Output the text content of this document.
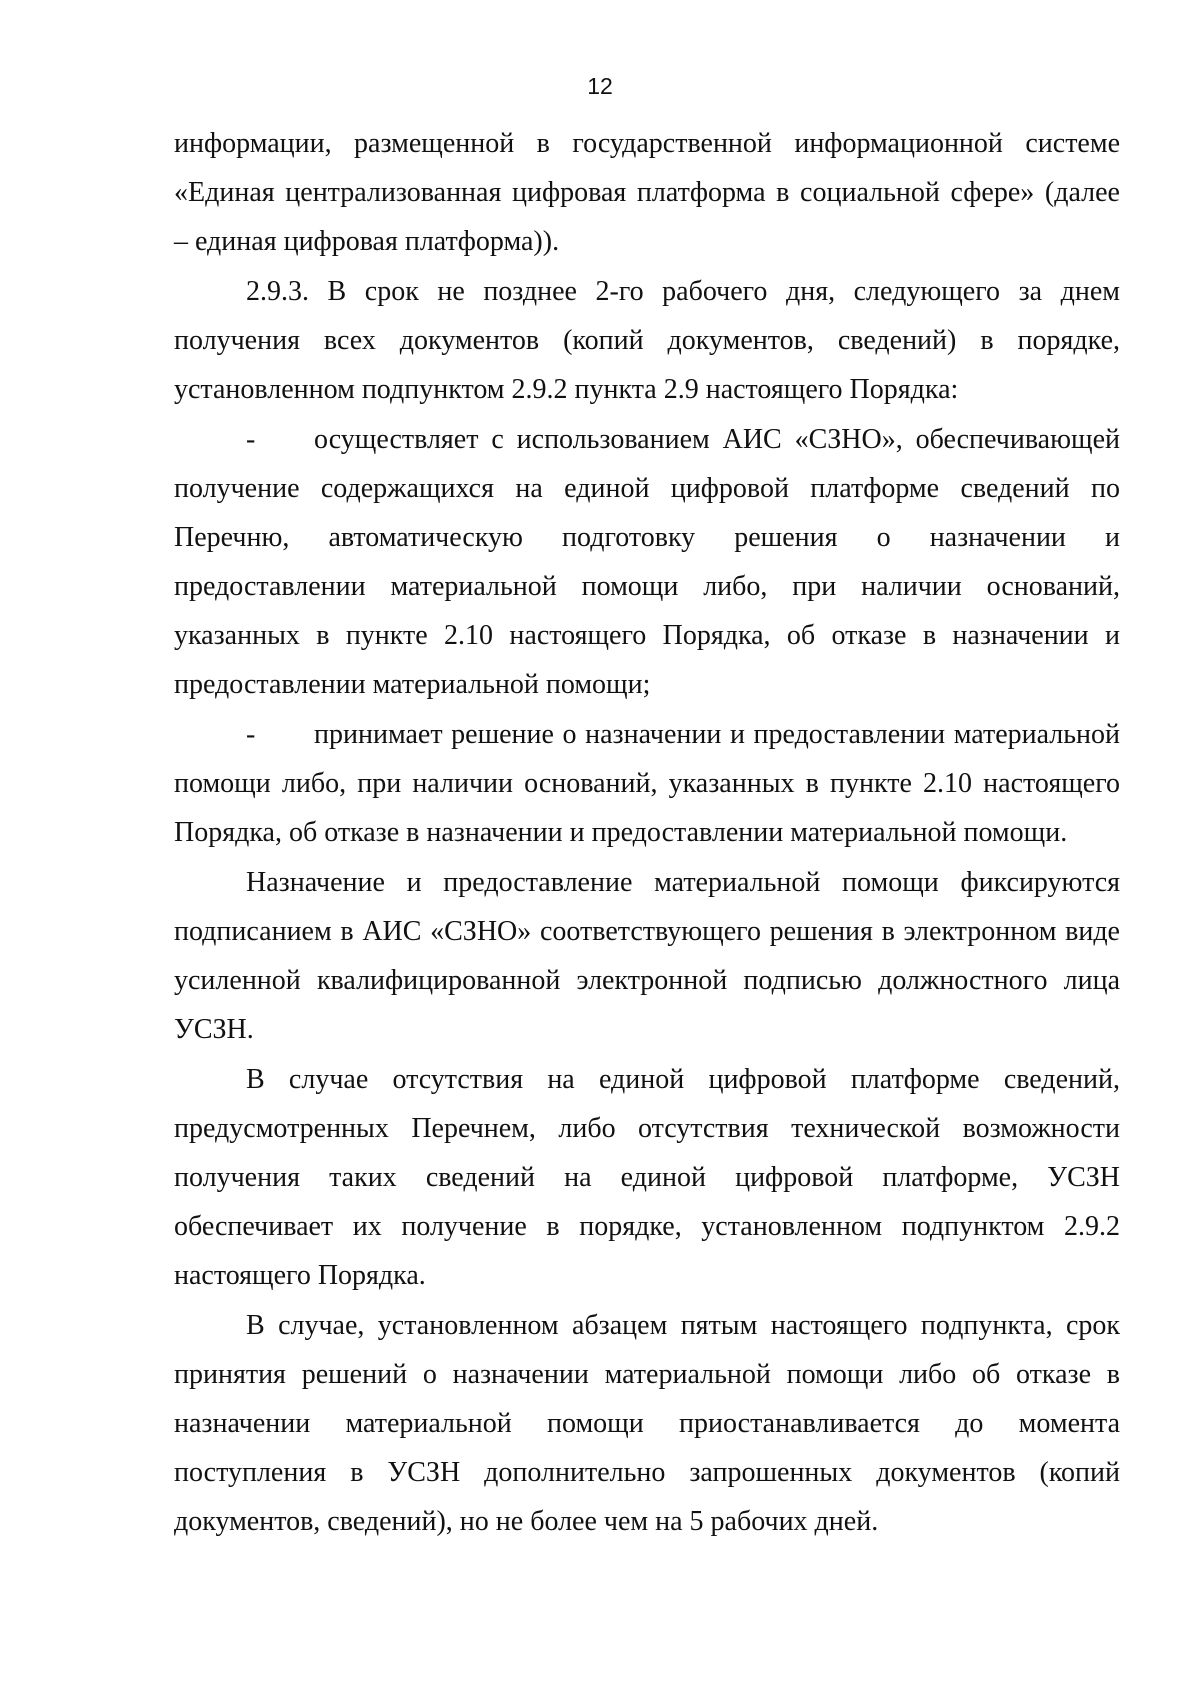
12
информации, размещенной в государственной информационной системе
«Единая централизованная цифровая платформа в социальной сфере» (далее
– единая цифровая платформа)).
2.9.3. В срок не позднее 2-го рабочего дня, следующего за днем
получения всех документов (копий документов, сведений) в порядке,
установленном подпунктом 2.9.2 пункта 2.9 настоящего Порядка:
-	осуществляет с использованием АИС «СЗНО», обеспечивающей
получение содержащихся на единой цифровой платформе сведений по
Перечню, автоматическую подготовку решения о назначении и
предоставлении материальной помощи либо, при наличии оснований,
указанных в пункте 2.10 настоящего Порядка, об отказе в назначении и
предоставлении материальной помощи;
-	принимает решение о назначении и предоставлении материальной
помощи либо, при наличии оснований, указанных в пункте 2.10 настоящего
Порядка, об отказе в назначении и предоставлении материальной помощи.
Назначение и предоставление материальной помощи фиксируются
подписанием в АИС «СЗНО» соответствующего решения в электронном виде
усиленной квалифицированной электронной подписью должностного лица
УСЗН.
В случае отсутствия на единой цифровой платформе сведений,
предусмотренных Перечнем, либо отсутствия технической возможности
получения таких сведений на единой цифровой платформе, УСЗН
обеспечивает их получение в порядке, установленном подпунктом 2.9.2
настоящего Порядка.
В случае, установленном абзацем пятым настоящего подпункта, срок
принятия решений о назначении материальной помощи либо об отказе в
назначении материальной помощи приостанавливается до момента
поступления в УСЗН дополнительно запрошенных документов (копий
документов, сведений), но не более чем на 5 рабочих дней.
